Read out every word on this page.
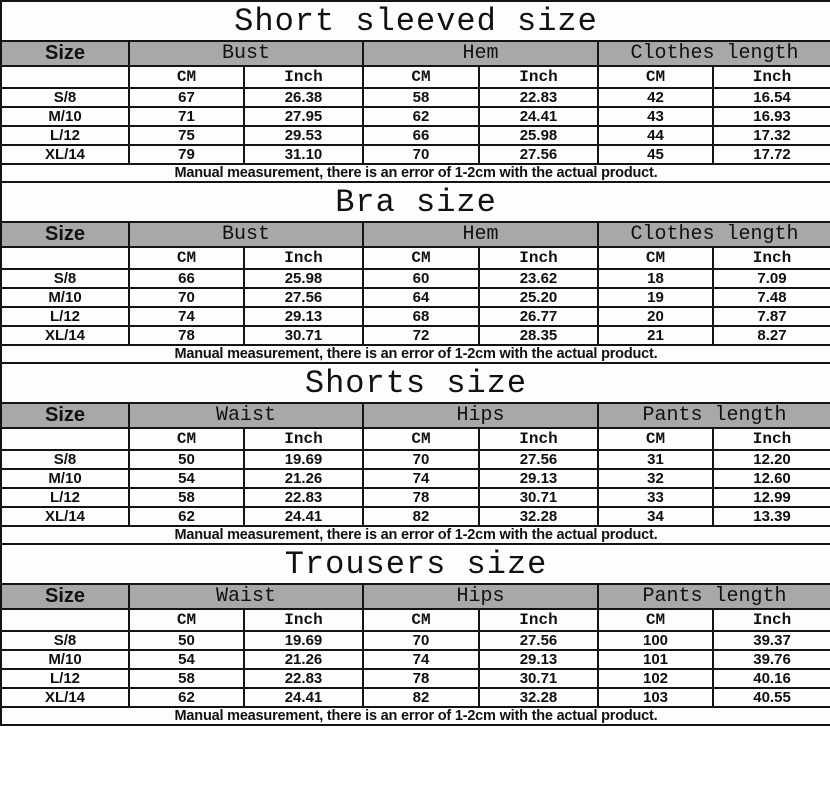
Short sleeved size						
Size	Bust		Hem		Clothes length	
	CM	Inch	CM	Inch	CM	Inch
S/8	67	26.38	58	22.83	42	16.54
M/10	71	27.95	62	24.41	43	16.93
L/12	75	29.53	66	25.98	44	17.32
XL/14	79	31.10	70	27.56	45	17.72
Manual measurement, there is an error of 1-2cm with the actual product.						
Bra size						
Size	Bust		Hem		Clothes length	
	CM	Inch	CM	Inch	CM	Inch
S/8	66	25.98	60	23.62	18	7.09
M/10	70	27.56	64	25.20	19	7.48
L/12	74	29.13	68	26.77	20	7.87
XL/14	78	30.71	72	28.35	21	8.27
Manual measurement, there is an error of 1-2cm with the actual product.						
Shorts size						
Size	Waist		Hips		Pants length	
	CM	Inch	CM	Inch	CM	Inch
S/8	50	19.69	70	27.56	31	12.20
M/10	54	21.26	74	29.13	32	12.60
L/12	58	22.83	78	30.71	33	12.99
XL/14	62	24.41	82	32.28	34	13.39
Manual measurement, there is an error of 1-2cm with the actual product.						
Trousers size						
Size	Waist		Hips		Pants length	
	CM	Inch	CM	Inch	CM	Inch
S/8	50	19.69	70	27.56	100	39.37
M/10	54	21.26	74	29.13	101	39.76
L/12	58	22.83	78	30.71	102	40.16
XL/14	62	24.41	82	32.28	103	40.55
Manual measurement, there is an error of 1-2cm with the actual product.						
